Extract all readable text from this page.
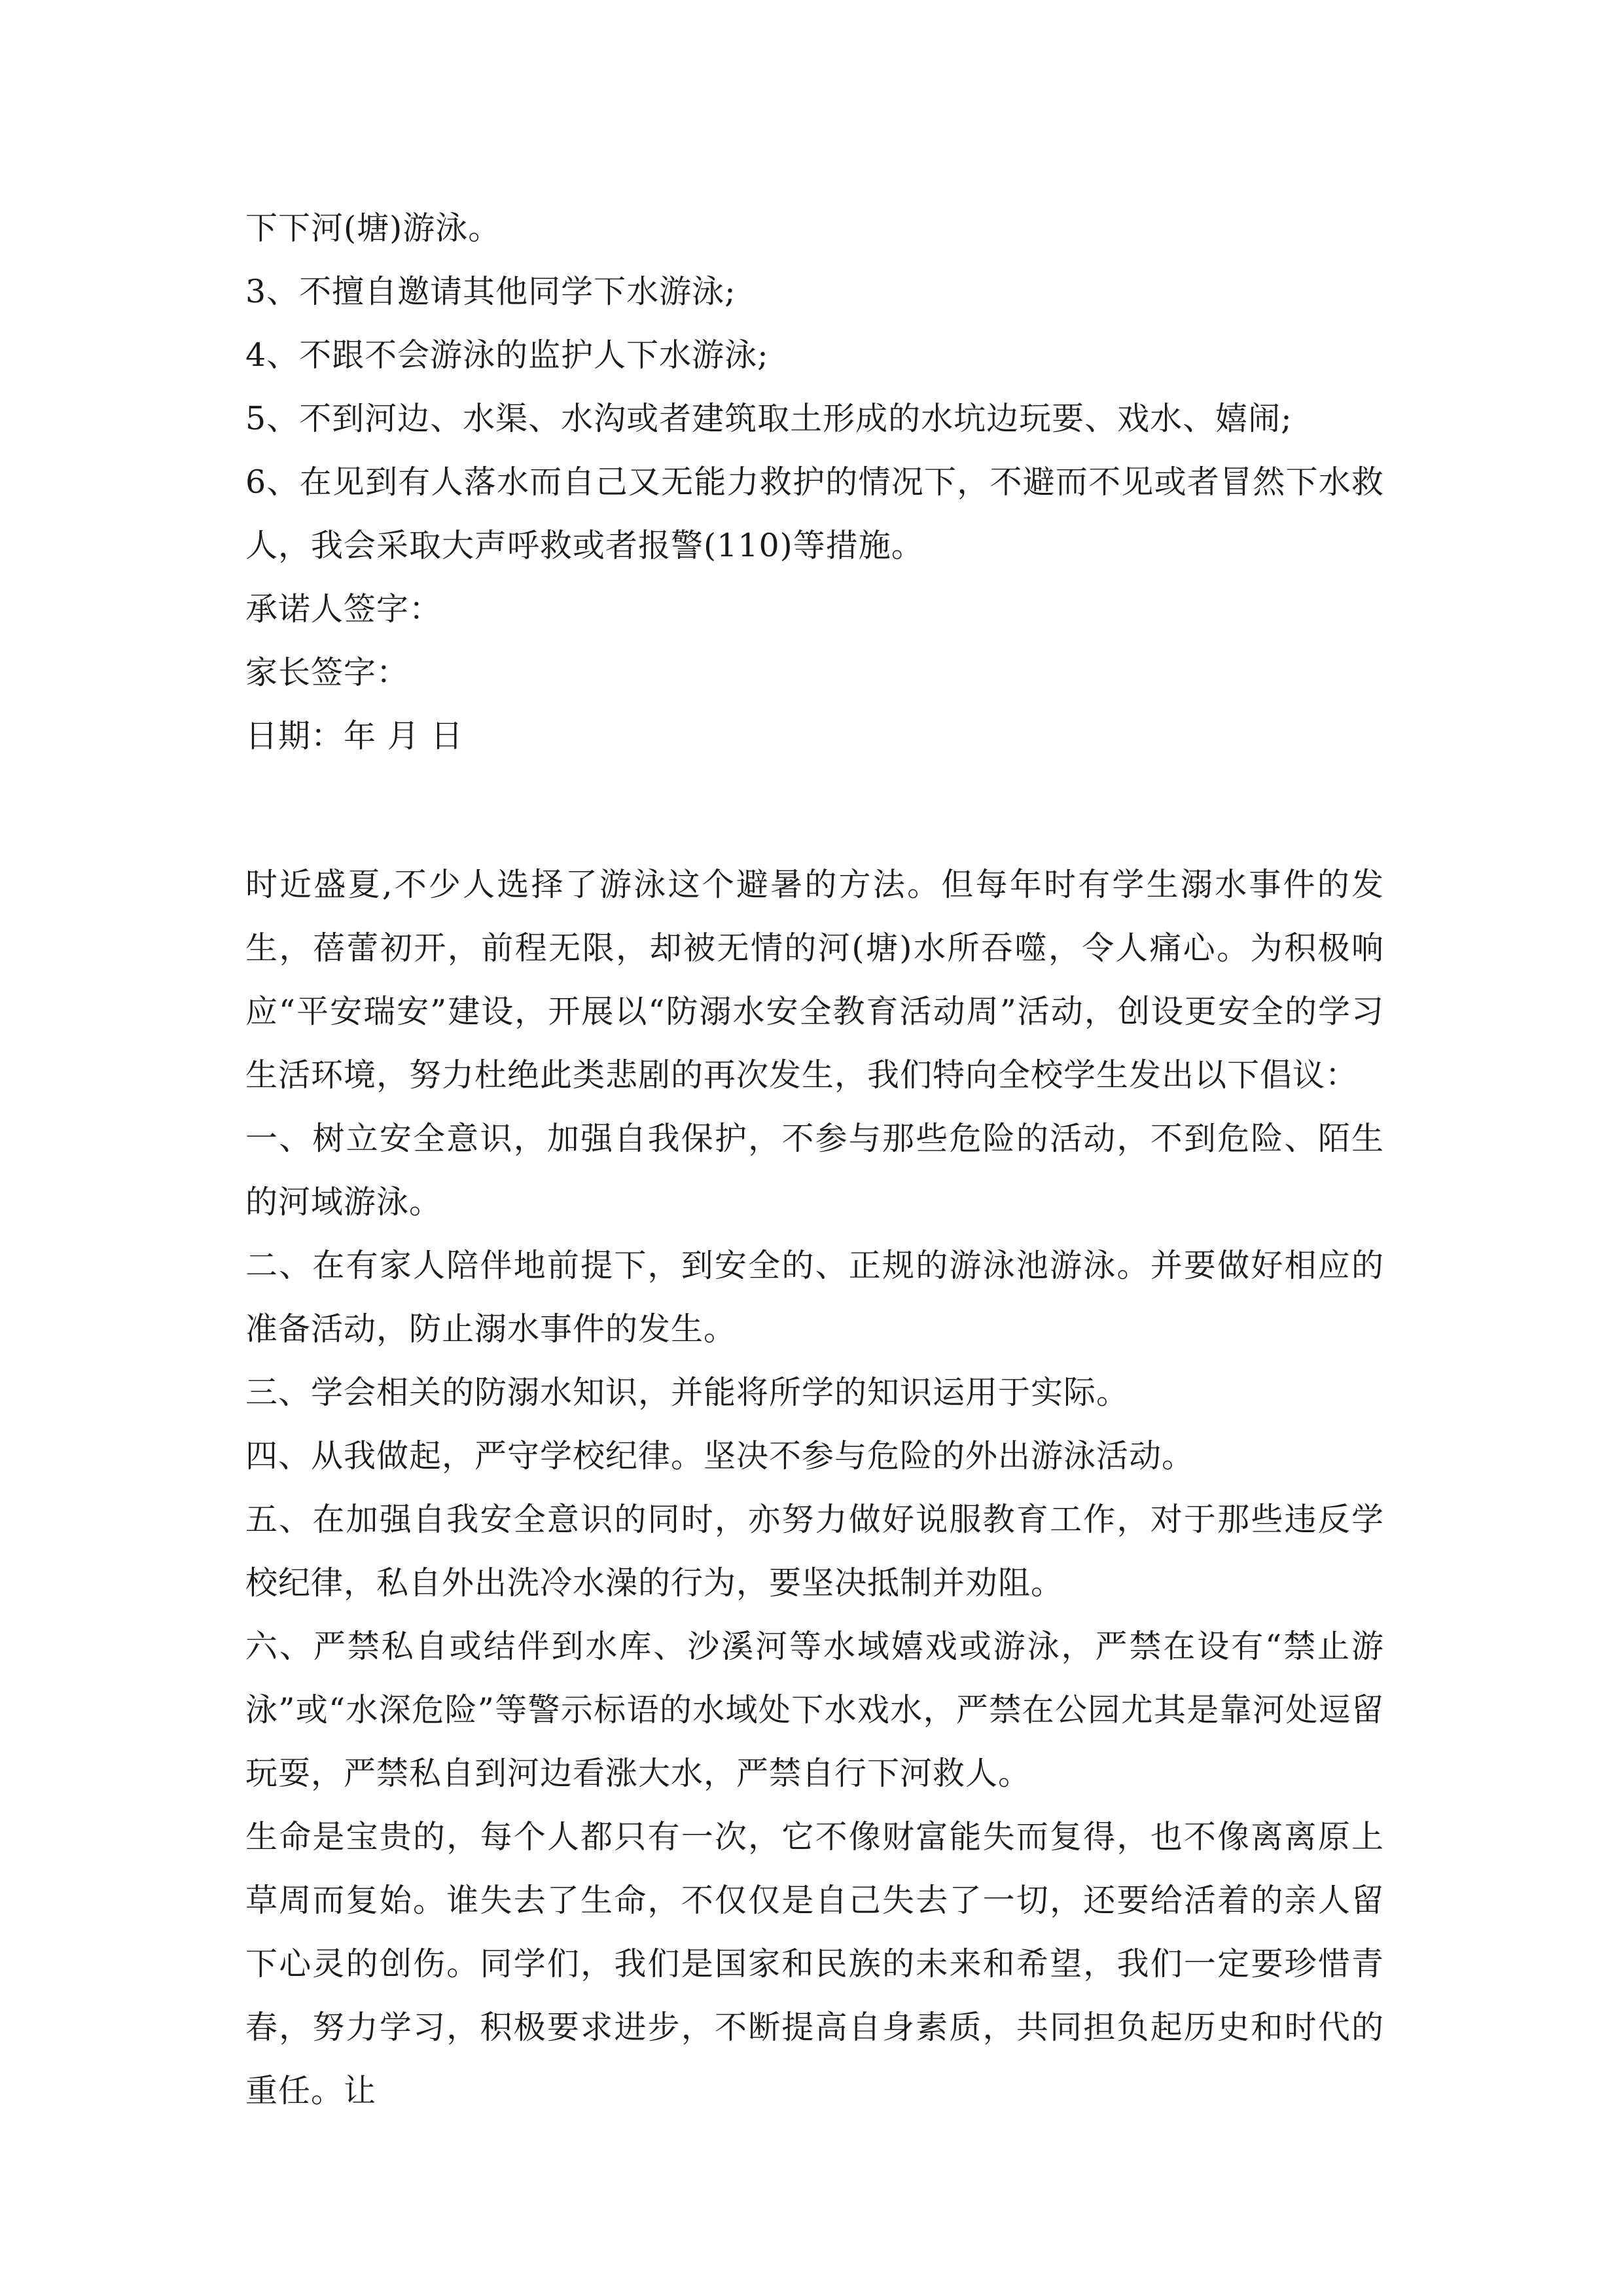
下下河(塘)游泳。

3、不擅自邀请其他同学下水游泳;

4、不跟不会游泳的监护人下水游泳;

5、不到河边、水渠、水沟或者建筑取土形成的水坑边玩要、戏水、嬉闹;

6、在见到有人落水而自己又无能力救护的情况下，不避而不见或者冒然下水救人，我会采取大声呼救或者报警(110)等措施。

承诺人签字：

家长签字：

日期：年 月 日

时近盛夏,不少人选择了游泳这个避暑的方法。但每年时有学生溺水事件的发生，蓓蕾初开，前程无限，却被无情的河(塘)水所吞噬，令人痛心。为积极响应“平安瑞安”建设，开展以“防溺水安全教育活动周”活动，创设更安全的学习生活环境，努力杜绝此类悲剧的再次发生，我们特向全校学生发出以下倡议：

一、树立安全意识，加强自我保护，不参与那些危险的活动，不到危险、陌生的河域游泳。

二、在有家人陪伴地前提下，到安全的、正规的游泳池游泳。并要做好相应的准备活动，防止溺水事件的发生。

三、学会相关的防溺水知识，并能将所学的知识运用于实际。

四、从我做起，严守学校纪律。坚决不参与危险的外出游泳活动。

五、在加强自我安全意识的同时，亦努力做好说服教育工作，对于那些违反学校纪律，私自外出洗冷水澡的行为，要坚决抵制并劝阻。

六、严禁私自或结伴到水库、沙溪河等水域嬉戏或游泳，严禁在设有“禁止游泳”或“水深危险”等警示标语的水域处下水戏水，严禁在公园尤其是靠河处逗留玩耍，严禁私自到河边看涨大水，严禁自行下河救人。

生命是宝贵的，每个人都只有一次，它不像财富能失而复得，也不像离离原上草周而复始。谁失去了生命，不仅仅是自己失去了一切，还要给活着的亲人留下心灵的创伤。同学们，我们是国家和民族的未来和希望，我们一定要珍惜青春，努力学习，积极要求进步，不断提高自身素质，共同担负起历史和时代的重任。让
